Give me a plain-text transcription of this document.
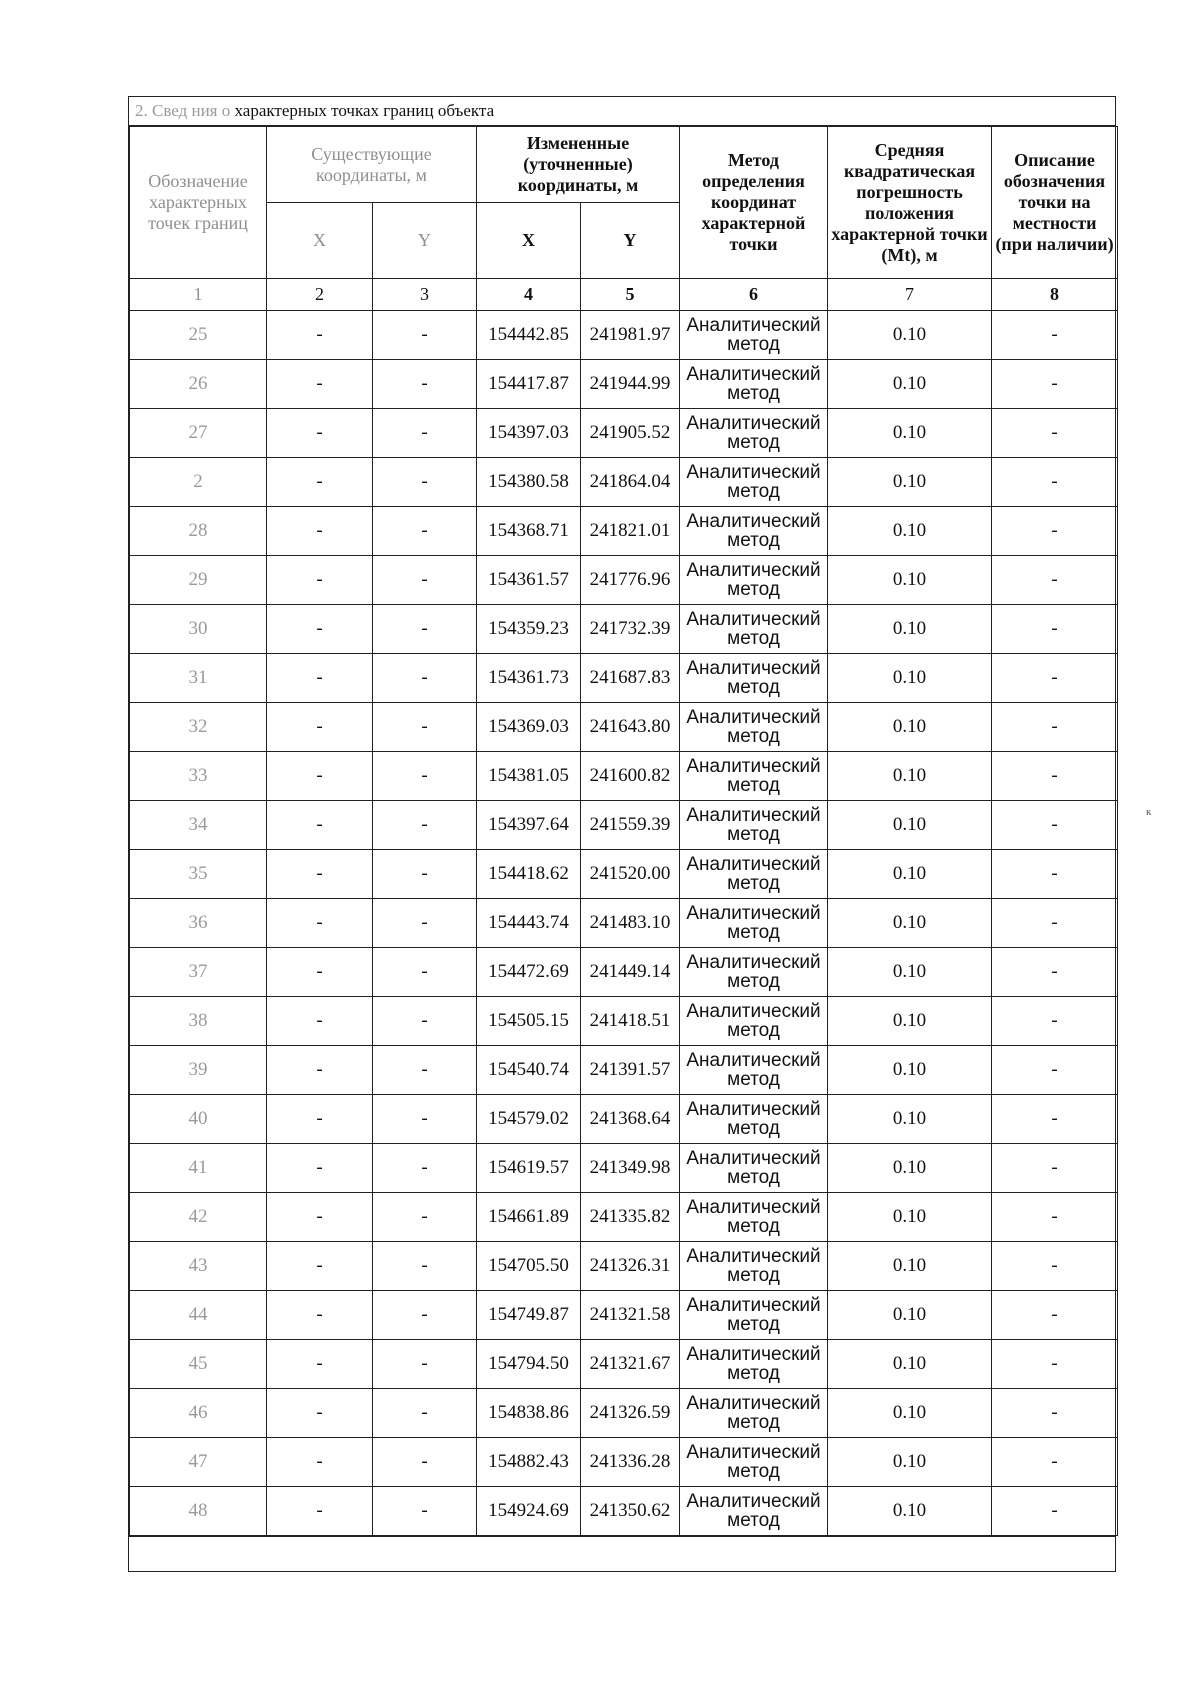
2. Свед ния о характерных точках границ объекта
Обозначение характерных точек границ	Существующие координаты, м		Измененные (уточненные) координаты, м		Метод определения координат характерной точки	Средняя квадратическая погрешность положения характерной точки (Mt), м	Описание обозначения точки на местности (при наличии)
	X	Y	X	Y			
1	2	3	4	5	6	7	8
25	-	-	154442.85	241981.97	Аналитический метод	0.10	-
26	-	-	154417.87	241944.99	Аналитический метод	0.10	-
27	-	-	154397.03	241905.52	Аналитический метод	0.10	-
2	-	-	154380.58	241864.04	Аналитический метод	0.10	-
28	-	-	154368.71	241821.01	Аналитический метод	0.10	-
29	-	-	154361.57	241776.96	Аналитический метод	0.10	-
30	-	-	154359.23	241732.39	Аналитический метод	0.10	-
31	-	-	154361.73	241687.83	Аналитический метод	0.10	-
32	-	-	154369.03	241643.80	Аналитический метод	0.10	-
33	-	-	154381.05	241600.82	Аналитический метод	0.10	-
34	-	-	154397.64	241559.39	Аналитический метод	0.10	-
35	-	-	154418.62	241520.00	Аналитический метод	0.10	-
36	-	-	154443.74	241483.10	Аналитический метод	0.10	-
37	-	-	154472.69	241449.14	Аналитический метод	0.10	-
38	-	-	154505.15	241418.51	Аналитический метод	0.10	-
39	-	-	154540.74	241391.57	Аналитический метод	0.10	-
40	-	-	154579.02	241368.64	Аналитический метод	0.10	-
41	-	-	154619.57	241349.98	Аналитический метод	0.10	-
42	-	-	154661.89	241335.82	Аналитический метод	0.10	-
43	-	-	154705.50	241326.31	Аналитический метод	0.10	-
44	-	-	154749.87	241321.58	Аналитический метод	0.10	-
45	-	-	154794.50	241321.67	Аналитический метод	0.10	-
46	-	-	154838.86	241326.59	Аналитический метод	0.10	-
47	-	-	154882.43	241336.28	Аналитический метод	0.10	-
48	-	-	154924.69	241350.62	Аналитический метод	0.10	-
к
